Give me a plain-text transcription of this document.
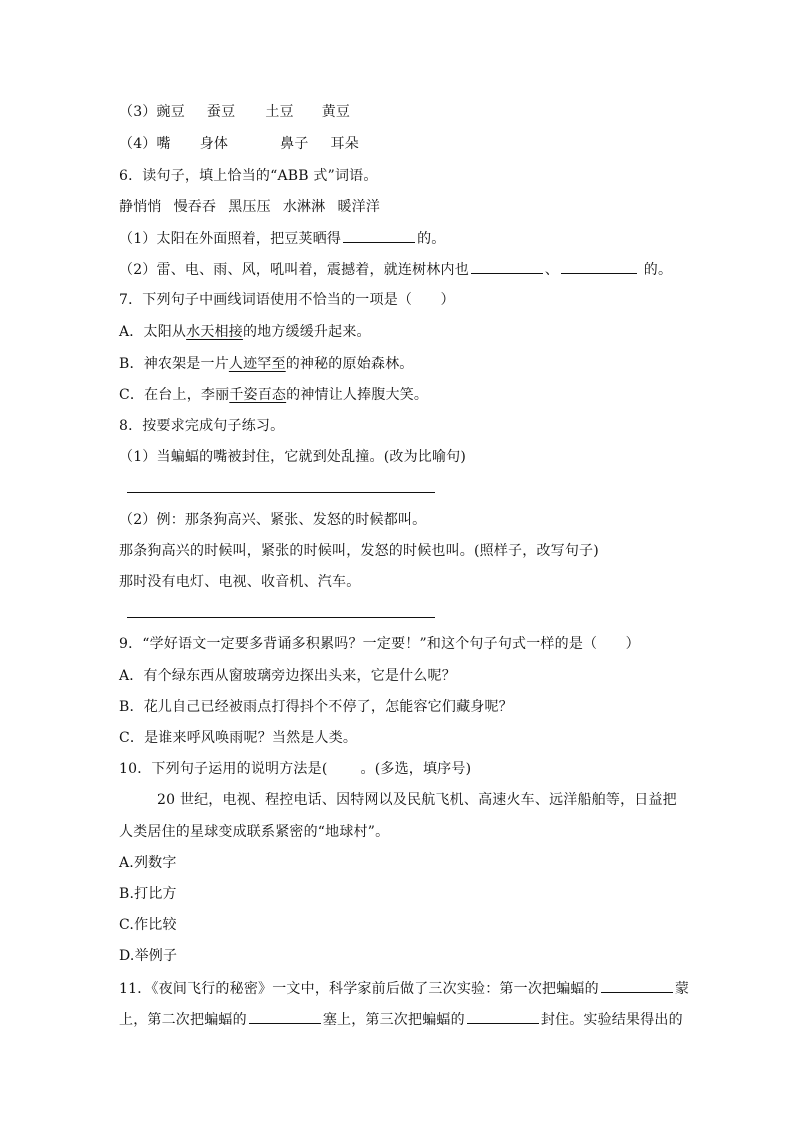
（3）豌豆 蚕豆 土豆 黄豆
（4）嘴 身体	鼻子 耳朵
6．读句子，填上恰当的“ABB 式”词语。
静悄悄 慢吞吞 黑压压 水淋淋 暖洋洋
（1）太阳在外面照着，把豆荚晒得	的。
（2）雷、电、雨、风，吼叫着，震撼着，就连树林内也	、	的。
7．下列句子中画线词语使用不恰当的一项是（　　）
A．太阳从水天相接的地方缓缓升起来。
B．神农架是一片人迹罕至的神秘的原始森林。
C．在台上，李丽千姿百态的神情让人捧腹大笑。
8．按要求完成句子练习。
（1）当蝙蝠的嘴被封住，它就到处乱撞。(改为比喻句)
（2）例：那条狗高兴、紧张、发怒的时候都叫。
那条狗高兴的时候叫，紧张的时候叫，发怒的时候也叫。(照样子，改写句子)
那时没有电灯、电视、收音机、汽车。
9．“学好语文一定要多背诵多积累吗？一定要！”和这个句子句式一样的是（　　）
A．有个绿东西从窗玻璃旁边探出头来，它是什么呢？
B．花儿自己已经被雨点打得抖个不停了，怎能容它们藏身呢？
C．是谁来呼风唤雨呢？当然是人类。
10．下列句子运用的说明方法是(　　 。(多选，填序号)
20 世纪，电视、程控电话、因特网以及民航飞机、高速火车、远洋船舶等，日益把
人类居住的星球变成联系紧密的“地球村”。
A.列数字
B.打比方
C.作比较
D.举例子
11．《夜间飞行的秘密》一文中，科学家前后做了三次实验：第一次把蝙蝠的	蒙
上，第二次把蝙蝠的	塞上，第三次把蝙蝠的	封住。实验结果得出的
